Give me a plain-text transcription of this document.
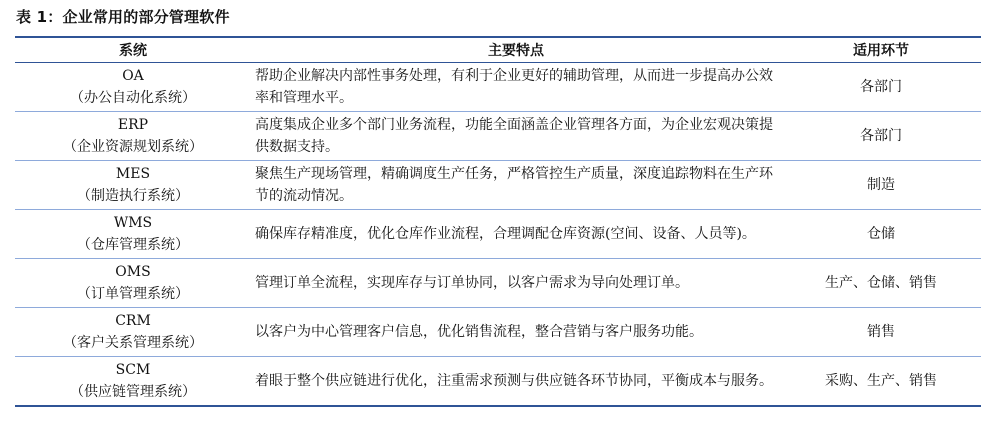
表 1：企业常用的部分管理软件
系统	主要特点	适用环节

OA
（办公自动化系统）	帮助企业解决内部性事务处理，有利于企业更好的辅助管理，从而进一步提高办公效率和管理水平。	各部门

ERP
（企业资源规划系统）	高度集成企业多个部门业务流程，功能全面涵盖企业管理各方面，为企业宏观决策提供数据支持。	各部门

MES
（制造执行系统）	聚焦生产现场管理，精确调度生产任务，严格管控生产质量，深度追踪物料在生产环节的流动情况。	制造

WMS
（仓库管理系统）	确保库存精准度，优化仓库作业流程，合理调配仓库资源(空间、设备、人员等)。	仓储

OMS
（订单管理系统）	管理订单全流程，实现库存与订单协同，以客户需求为导向处理订单。	生产、仓储、销售

CRM
（客户关系管理系统）	以客户为中心管理客户信息，优化销售流程，整合营销与客户服务功能。	销售

SCM
（供应链管理系统）	着眼于整个供应链进行优化，注重需求预测与供应链各环节协同，平衡成本与服务。	采购、生产、销售
